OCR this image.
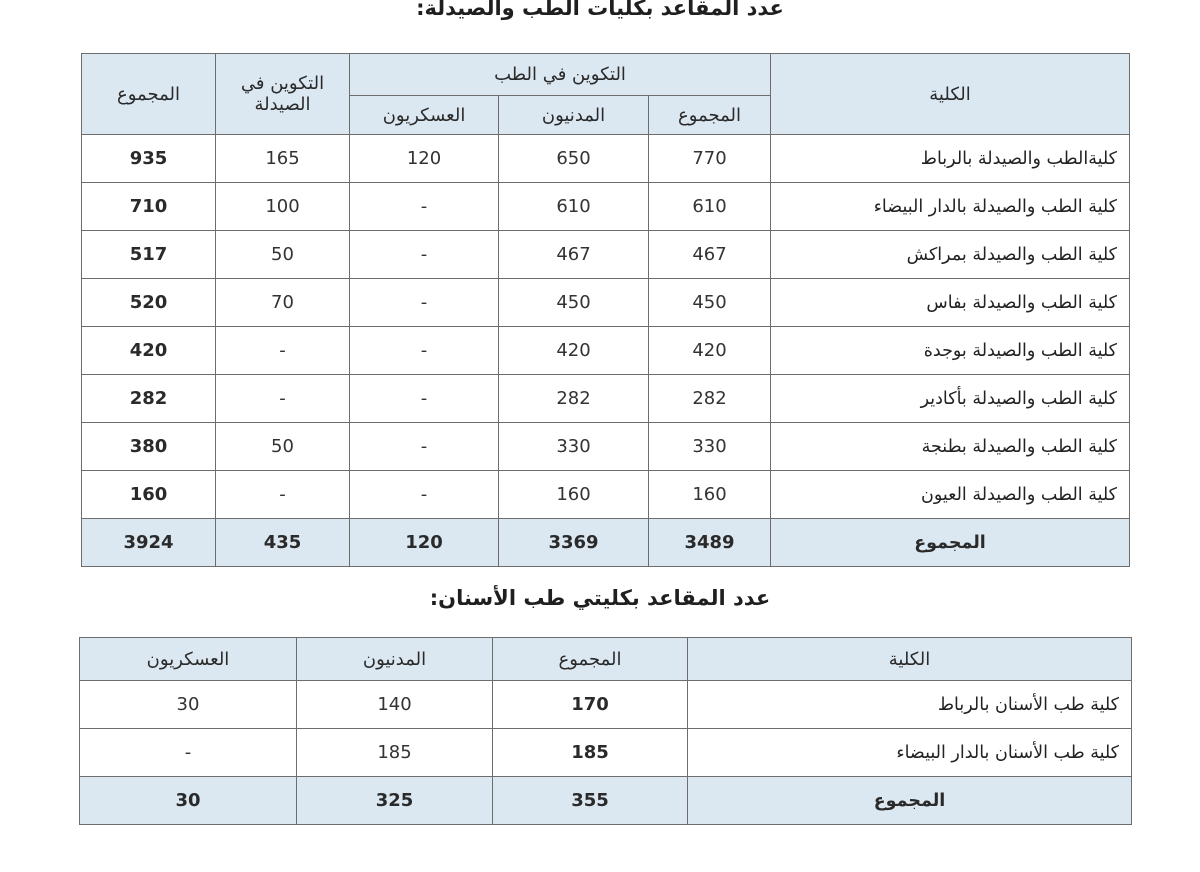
عدد المقاعد بكليات الطب والصيدلة:
الكلية	التكوين في الطب			التكوين في الصيدلة	المجموع
	المجموع	المدنيون	العسكريون		
كليةالطب والصيدلة بالرباط	770	650	120	165	935
كلية الطب والصيدلة بالدار البيضاء	610	610	-	100	710
كلية الطب والصيدلة بمراكش	467	467	-	50	517
كلية الطب والصيدلة بفاس	450	450	-	70	520
كلية الطب والصيدلة بوجدة	420	420	-	-	420
كلية الطب والصيدلة بأكادير	282	282	-	-	282
كلية الطب والصيدلة بطنجة	330	330	-	50	380
كلية الطب والصيدلة العيون	160	160	-	-	160
المجموع	3489	3369	120	435	3924
عدد المقاعد بكليتي طب الأسنان:
الكلية	المجموع	المدنيون	العسكريون
كلية طب الأسنان بالرباط	170	140	30
كلية طب الأسنان بالدار البيضاء	185	185	-
المجموع	355	325	30
